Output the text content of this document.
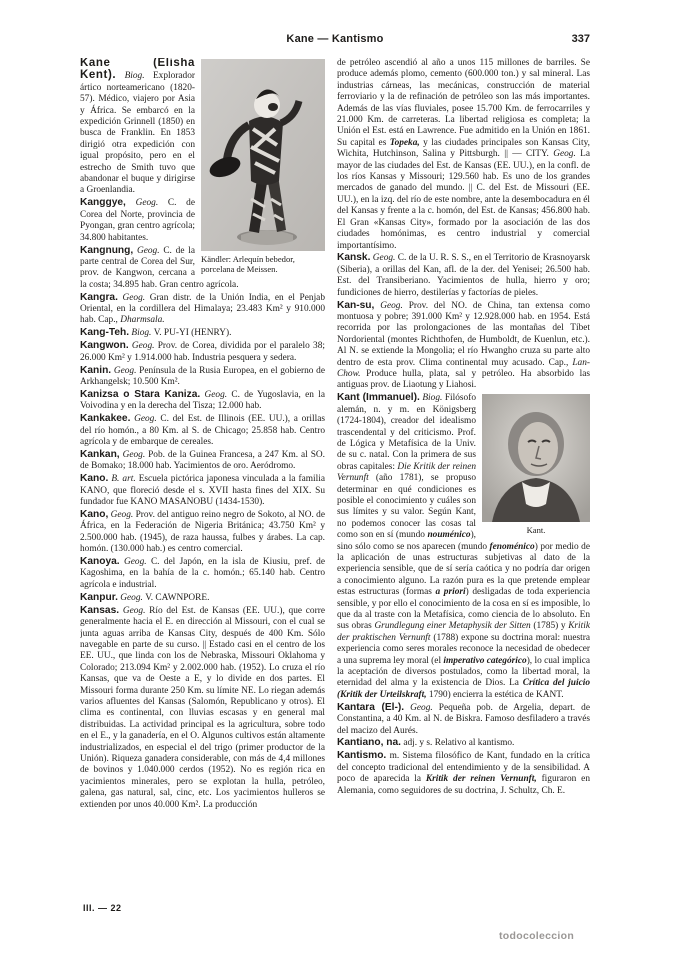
Kane — Kantismo	337
Kändler: Arlequín bebedor, porcelana de Meissen.

Kane (Elisha Kent). Biog. Explorador ártico norteamericano (1820-57). Médico, viajero por Asia y África. Se embarcó en la expedición Grinnell (1850) en busca de Franklin. En 1853 dirigió otra expedición con igual propósito, pero en el estrecho de Smith tuvo que abandonar el buque y dirigirse a Groenlandia.

Kanggye, Geog. C. de Corea del Norte, provincia de Pyongan, gran centro agrícola; 34.800 habitantes.

Kangnung, Geog. C. de la parte central de Corea del Sur, prov. de Kangwon, cercana a la costa; 34.895 hab. Gran centro agrícola.

Kangra. Geog. Gran distr. de la Unión India, en el Penjab Oriental, en la cordillera del Himalaya; 23.483 Km² y 910.000 hab. Cap., Dharmsala.

Kang-Teh. Biog. V. PU-YI (HENRY).

Kangwon. Geog. Prov. de Corea, dividida por el paralelo 38; 26.000 Km² y 1.914.000 hab. Industria pesquera y sedera.

Kanin. Geog. Península de la Rusia Europea, en el gobierno de Arkhangelsk; 10.500 Km².

Kanizsa o Stara Kaniza. Geog. C. de Yugoslavia, en la Voivodina y en la derecha del Tisza; 12.000 hab.

Kankakee. Geog. C. del Est. de Illinois (EE. UU.), a orillas del río homón., a 80 Km. al S. de Chicago; 25.858 hab. Centro agrícola y de embarque de cereales.

Kankan, Geog. Pob. de la Guinea Francesa, a 247 Km. al SO. de Bomako; 18.000 hab. Yacimientos de oro. Aeródromo.

Kano. B. art. Escuela pictórica japonesa vinculada a la familia KANO, que floreció desde el s. XVII hasta fines del XIX. Su fundador fue KANO MASANOBU (1434-1530).

Kano, Geog. Prov. del antiguo reino negro de Sokoto, al NO. de África, en la Federación de Nigeria Británica; 43.750 Km² y 2.500.000 hab. (1945), de raza haussa, fulbes y árabes. La cap. homón. (130.000 hab.) es centro comercial.

Kanoya. Geog. C. del Japón, en la isla de Kiusiu, pref. de Kagoshima, en la bahía de la c. homón.; 65.140 hab. Centro agrícola e industrial.

Kanpur. Geog. V. CAWNPORE.

Kansas. Geog. Río del Est. de Kansas (EE. UU.), que corre generalmente hacia el E. en dirección al Missouri, con el cual se junta aguas arriba de Kansas City, después de 400 Km. Sólo navegable en parte de su curso. || Estado casi en el centro de los EE. UU., que linda con los de Nebraska, Missouri Oklahoma y Colorado; 213.094 Km² y 2.002.000 hab. (1952). Lo cruza el río Kansas, que va de Oeste a E, y lo divide en dos partes. El Missouri forma durante 250 Km. su límite NE. Lo riegan además varios afluentes del Kansas (Salomón, Republicano y otros). El clima es continental, con lluvias escasas y en general mal distribuidas. La actividad principal es la agricultura, sobre todo en el E., y la ganadería, en el O. Algunos cultivos están altamente industrializados, en especial el del trigo (primer productor de la Unión). Riqueza ganadera considerable, con más de 4,4 millones de bovinos y 1.040.000 cerdos (1952). No es región rica en yacimientos minerales, pero se explotan la hulla, petróleo, galena, gas natural, sal, cinc, etc. Los yacimientos hulleros se extienden por unos 40.000 Km². La producción

de petróleo ascendió al año a unos 115 millones de barriles. Se produce además plomo, cemento (600.000 ton.) y sal mineral. Las industrias cárneas, las mecánicas, construcción de material ferroviario y la de refinación de petróleo son las más importantes. Además de las vías fluviales, posee 15.700 Km. de ferrocarriles y 21.000 Km. de carreteras. La libertad religiosa es completa; la Unión el Est. está en Lawrence. Fue admitido en la Unión en 1861. Su capital es Topeka, y las ciudades principales son Kansas City, Wichita, Hutchinson, Salina y Pittsburgh. || — CITY. Geog. La mayor de las ciudades del Est. de Kansas (EE. UU.), en la confl. de los ríos Kansas y Missouri; 129.560 hab. Es uno de los grandes mercados de ganado del mundo. || C. del Est. de Missouri (EE. UU.), en la izq. del río de este nombre, ante la desembocadura en él del Kansas y frente a la c. homón, del Est. de Kansas; 456.800 hab. El Gran «Kansas City», formado por la asociación de las dos ciudades homónimas, es centro industrial y comercial importantísimo.

Kansk. Geog. C. de la U. R. S. S., en el Territorio de Krasnoyarsk (Siberia), a orillas del Kan, afl. de la der. del Yenisei; 26.500 hab. Est. del Transiberiano. Yacimientos de hulla, hierro y oro; fundiciones de hierro, destilerías y factorías de pieles.

Kan-su, Geog. Prov. del NO. de China, tan extensa como montuosa y pobre; 391.000 Km² y 12.928.000 hab. en 1954. Está recorrida por las prolongaciones de las montañas del Tíbet Nordoriental (montes Richthofen, de Humboldt, de Kuenlun, etc.). Al N. se extiende la Mongolia; el río Hwangho cruza su parte alto dentro de esta prov. Clima continental muy acusado. Cap., Lan-Chow. Produce hulla, plata, sal y petróleo. Ha absorbido las antiguas prov. de Liaotung y Liahosi.

Kant.

Kant (Immanuel). Biog. Filósofo alemán, n. y m. en Königsberg (1724-1804), creador del idealismo trascendental y del criticismo. Prof. de Lógica y Metafísica de la Univ. de su c. natal. Con la primera de sus obras capitales: Die Kritik der reinen Vernunft (año 1781), se propuso determinar en qué condiciones es posible el conocimiento y cuáles son sus límites y su valor. Según Kant, no podemos conocer las cosas tal como son en sí (mundo nouménico), sino sólo como se nos aparecen (mundo fenoménico) por medio de la aplicación de unas estructuras subjetivas al dato de la experiencia sensible, que de sí sería caótica y no podría dar origen a conocimiento alguno. La razón pura es la que pretende emplear estas estructuras (formas a priori) desligadas de toda experiencia sensible, y por ello el conocimiento de la cosa en sí es imposible, lo que da al traste con la Metafísica, como ciencia de lo absoluto. En sus obras Grundlegung einer Metaphysik der Sitten (1785) y Kritik der praktischen Vernunft (1788) expone su doctrina moral: nuestra experiencia como seres morales reconoce la necesidad de obedecer a una suprema ley moral (el imperativo categórico), lo cual implica la aceptación de diversos postulados, como la libertad moral, la eternidad del alma y la existencia de Dios. La Crítica del juicio (Kritik der Urteilskraft, 1790) encierra la estética de KANT.

Kantara (El-). Geog. Pequeña pob. de Argelia, depart. de Constantina, a 40 Km. al N. de Biskra. Famoso desfiladero a través del macizo del Aurés.

Kantiano, na. adj. y s. Relativo al kantismo.

Kantismo. m. Sistema filosófico de Kant, fundado en la crítica del concepto tradicional del entendimiento y de la sensibilidad. A poco de aparecida la Kritik der reinen Vernunft, figuraron en Alemania, como seguidores de su doctrina, J. Schultz, Ch. E.

III. — 22
todocoleccion
